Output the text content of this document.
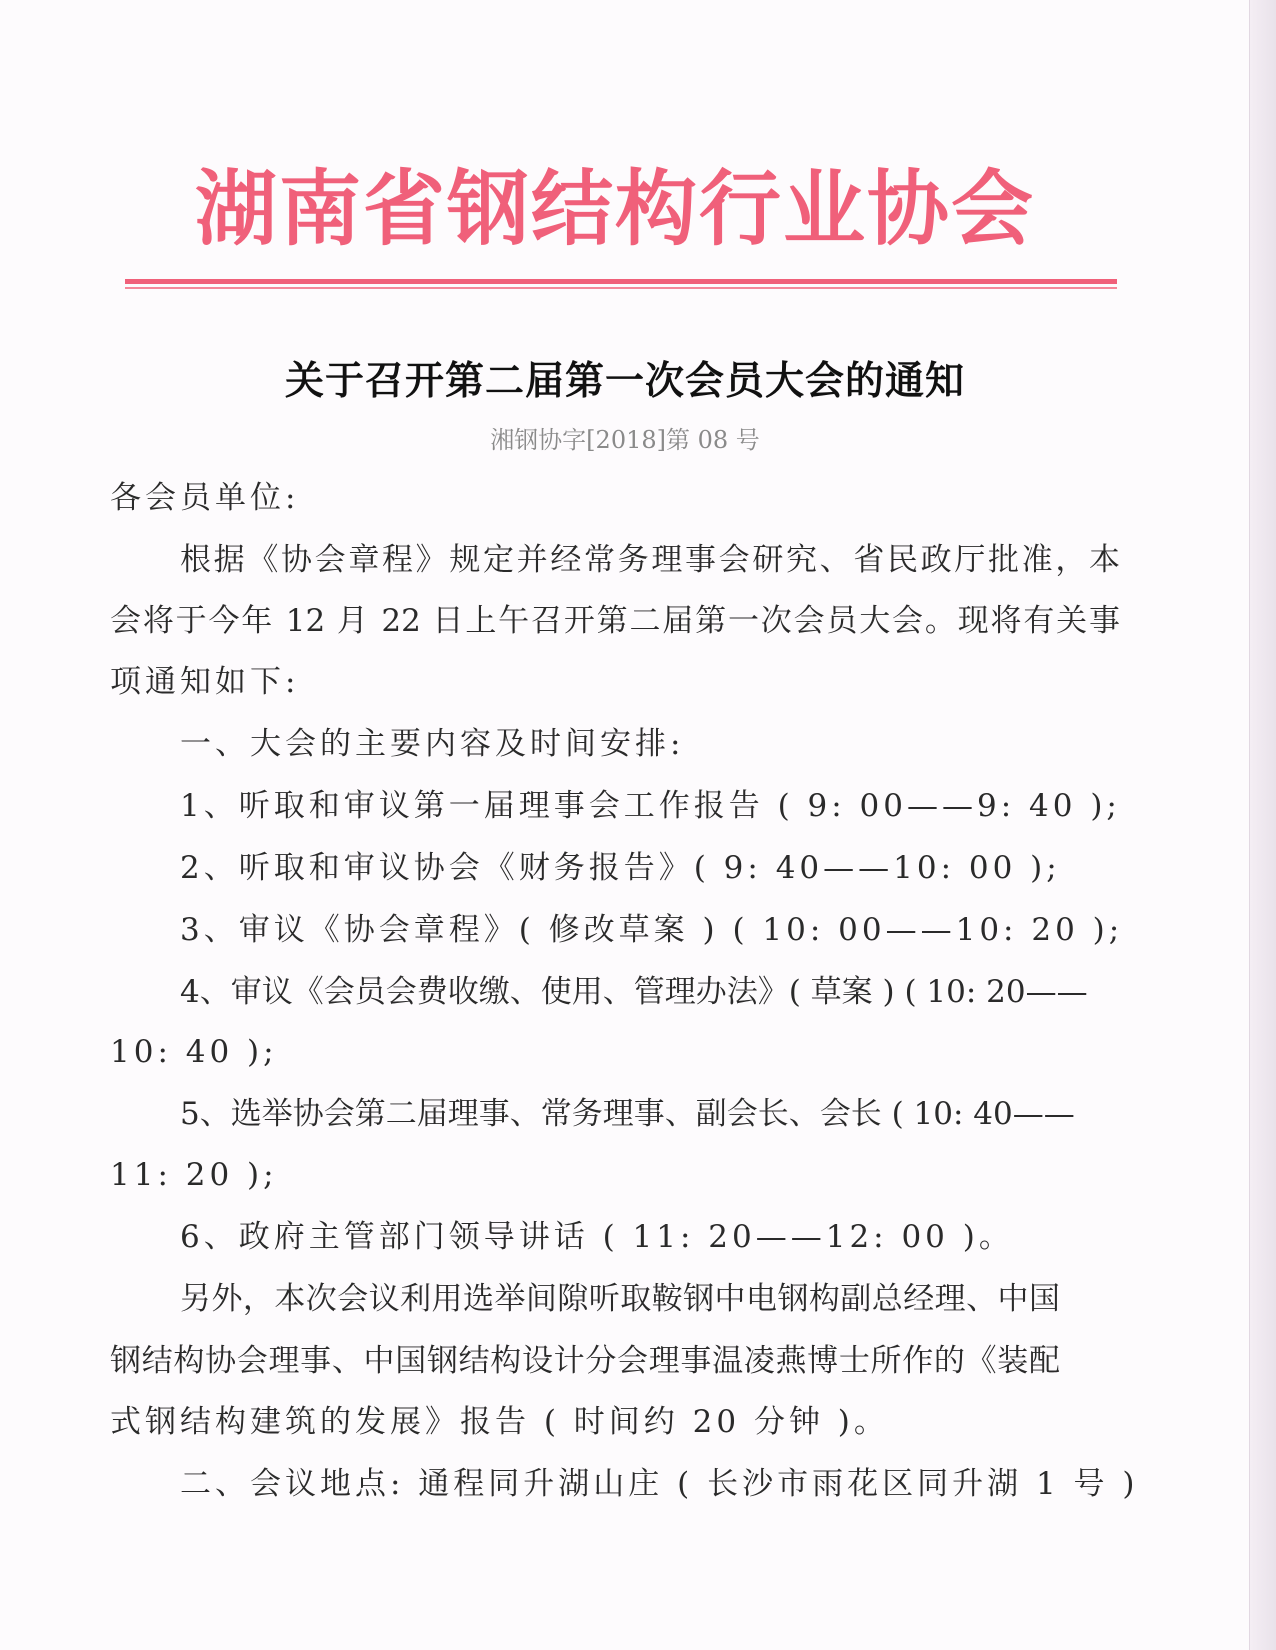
湖南省钢结构行业协会
关于召开第二届第一次会员大会的通知
湘钢协字[2018]第 08 号
各会员单位:
根据《协会章程》规定并经常务理事会研究、省民政厅批准，本
会将于今年 12 月 22 日上午召开第二届第一次会员大会。现将有关事
项通知如下:
一、大会的主要内容及时间安排:
1、听取和审议第一届理事会工作报告 ( 9: 00——9: 40 );
2、听取和审议协会《财务报告》( 9: 40——10: 00 );
3、审议《协会章程》( 修改草案 ) ( 10: 00——10: 20 );
4、审议《会员会费收缴、使用、管理办法》( 草案 ) ( 10: 20——
10: 40 );
5、选举协会第二届理事、常务理事、副会长、会长 ( 10: 40——
11: 20 );
6、政府主管部门领导讲话 ( 11: 20——12: 00 )。
另外，本次会议利用选举间隙听取鞍钢中电钢构副总经理、中国
钢结构协会理事、中国钢结构设计分会理事温凌燕博士所作的《装配
式钢结构建筑的发展》报告 ( 时间约 20 分钟 )。
二、会议地点: 通程同升湖山庄 ( 长沙市雨花区同升湖 1 号 )
